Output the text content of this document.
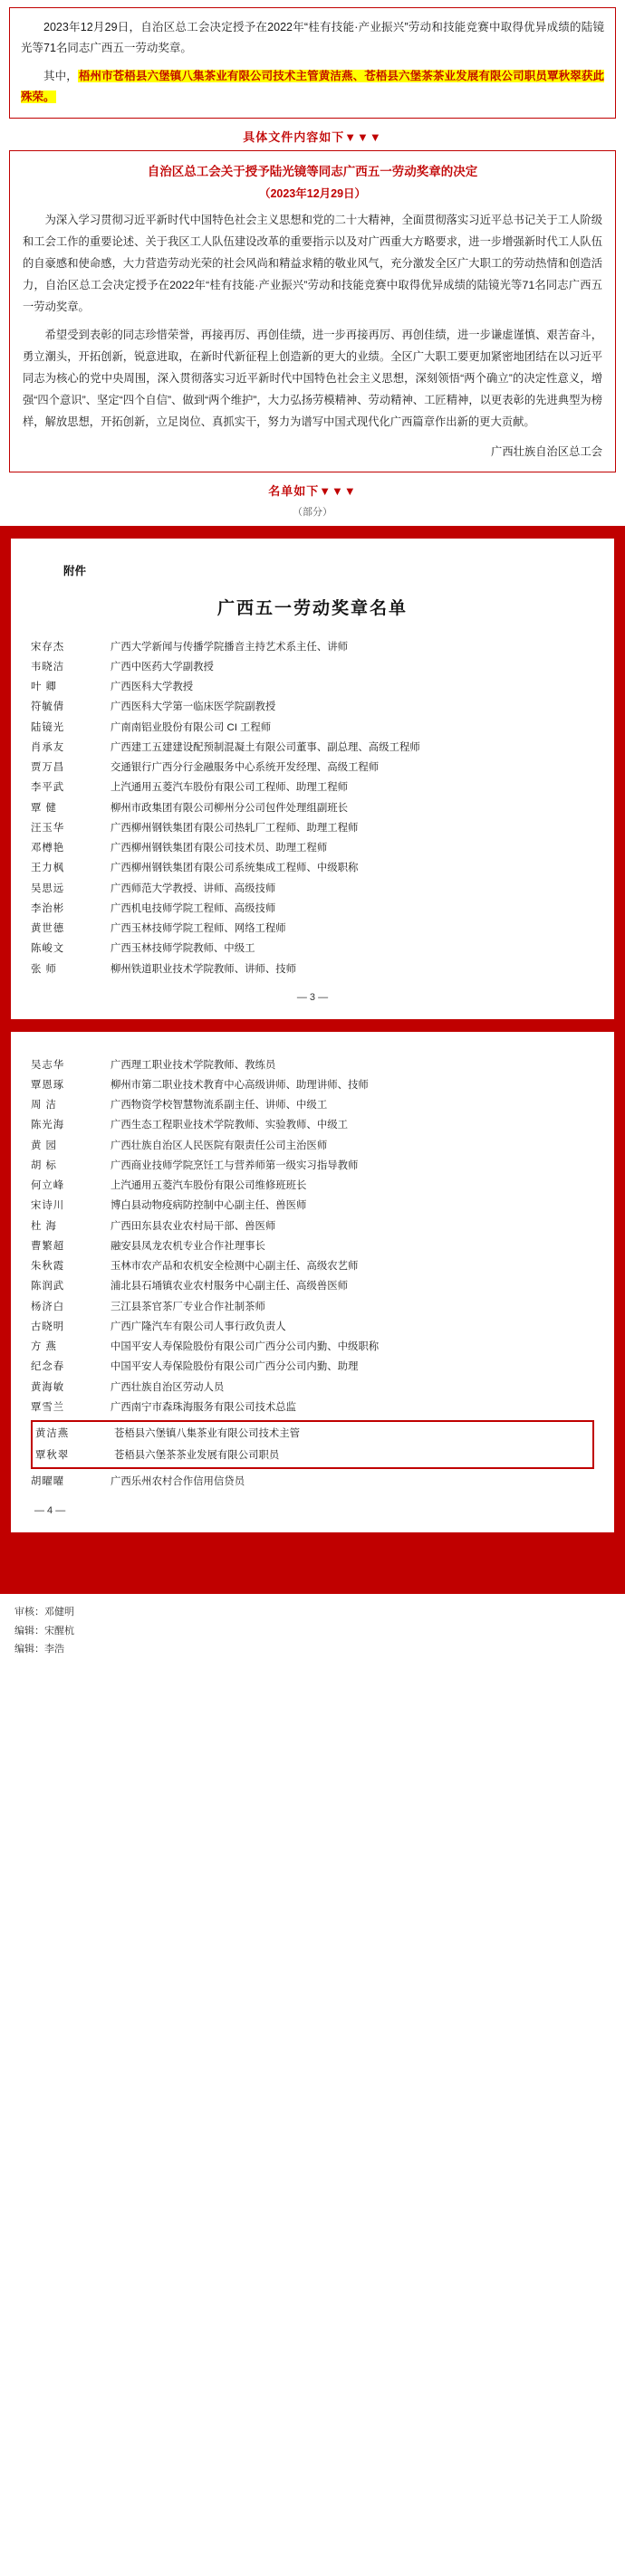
2023年12月29日，自治区总工会决定授予在2022年“桂有技能·产业振兴”劳动和技能竞赛中取得优异成绩的陆镜光等71名同志广西五一劳动奖章。

其中，梧州市苍梧县六堡镇八集茶业有限公司技术主管黄洁燕、苍梧县六堡茶茶业发展有限公司职员覃秋翠获此殊荣。

具体文件内容如下▼▼▼
自治区总工会关于授予陆光镜等同志广西五一劳动奖章的决定
（2023年12月29日）

为深入学习贯彻习近平新时代中国特色社会主义思想和党的二十大精神，全面贯彻落实习近平总书记关于工人阶级和工会工作的重要论述、关于我区工人队伍建设改革的重要指示以及对广西重大方略要求，进一步增强新时代工人队伍的自豪感和使命感，大力营造劳动光荣的社会风尚和精益求精的敬业风气，充分激发全区广大职工的劳动热情和创造活力，自治区总工会决定授予在2022年“桂有技能·产业振兴”劳动和技能竞赛中取得优异成绩的陆镜光等71名同志广西五一劳动奖章。

希望受到表彰的同志珍惜荣誉，再接再厉、再创佳绩，进一步再接再厉、再创佳绩，进一步谦虚谨慎、艰苦奋斗，勇立潮头，开拓创新，锐意进取，在新时代新征程上创造新的更大的业绩。全区广大职工要更加紧密地团结在以习近平同志为核心的党中央周围，深入贯彻落实习近平新时代中国特色社会主义思想，深刻领悟“两个确立”的决定性意义，增强“四个意识”、坚定“四个自信”、做到“两个维护”，大力弘扬劳模精神、劳动精神、工匠精神，以更表彰的先进典型为榜样，解放思想，开拓创新，立足岗位、真抓实干，努力为谱写中国式现代化广西篇章作出新的更大贡献。

广西壮族自治区总工会
名单如下▼▼▼
（部分）
附件
广西五一劳动奖章名单
宋存杰	广西大学新闻与传播学院播音主持艺术系主任、讲师
韦晓洁	广西中医药大学副教授
叶 卿	广西医科大学教授
符毓倩	广西医科大学第一临床医学院副教授
陆镜光	广南南铝业股份有限公司 CI 工程师
肖承友	广西建工五建建设配预制混凝土有限公司董事、副总理、高级工程师
贾万昌	交通银行广西分行金融服务中心系统开发经理、高级工程师
李平武	上汽通用五菱汽车股份有限公司工程师、助理工程师
覃 健	柳州市政集团有限公司柳州分公司包件处理组副班长
汪玉华	广西柳州钢铁集团有限公司热轧厂工程师、助理工程师
邓樽艳	广西柳州钢铁集团有限公司技术员、助理工程师
王力枫	广西柳州钢铁集团有限公司系统集成工程师、中级职称
吴思远	广西师范大学教授、讲师、高级技师
李治彬	广西机电技师学院工程师、高级技师
黄世德	广西玉林技师学院工程师、网络工程师
陈峻文	广西玉林技师学院教师、中级工
张 师	柳州铁道职业技术学院教师、讲师、技师
— 3 —
吴志华	广西理工职业技术学院教师、教练员
覃恩琢	柳州市第二职业技术教育中心高级讲师、助理讲师、技师
周 洁	广西物资学校智慧物流系副主任、讲师、中级工
陈光海	广西生态工程职业技术学院教师、实验教师、中级工
黄 园	广西壮族自治区人民医院有限责任公司主治医师
胡 标	广西商业技师学院烹饪工与营养师第一级实习指导教师
何立峰	上汽通用五菱汽车股份有限公司维修班班长
宋诗川	博白县动物疫病防控制中心副主任、兽医师
杜 海	广西田东县农业农村局干部、兽医师
曹繁超	融安县凤龙农机专业合作社理事长
朱秋霞	玉林市农产品和农机安全检测中心副主任、高级农艺师
陈润武	浦北县石埇镇农业农村服务中心副主任、高级兽医师
杨济白	三江县茶官茶厂专业合作社制茶师
古晓明	广西广隆汽车有限公司人事行政负责人
方 燕	中国平安人寿保险股份有限公司广西分公司内勤、中级职称
纪念春	中国平安人寿保险股份有限公司广西分公司内勤、助理
黄海敏	广西壮族自治区劳动人员
覃雪兰	广西南宁市森珠海服务有限公司技术总监
黄洁燕	苍梧县六堡镇八集茶业有限公司技术主管
覃秋翠	苍梧县六堡茶茶业发展有限公司职员
胡曜曜	广西乐州农村合作信用信贷员
— 4 —
为他们点赞！
审核：邓健明
编辑：宋醒杭
编辑：李浩
